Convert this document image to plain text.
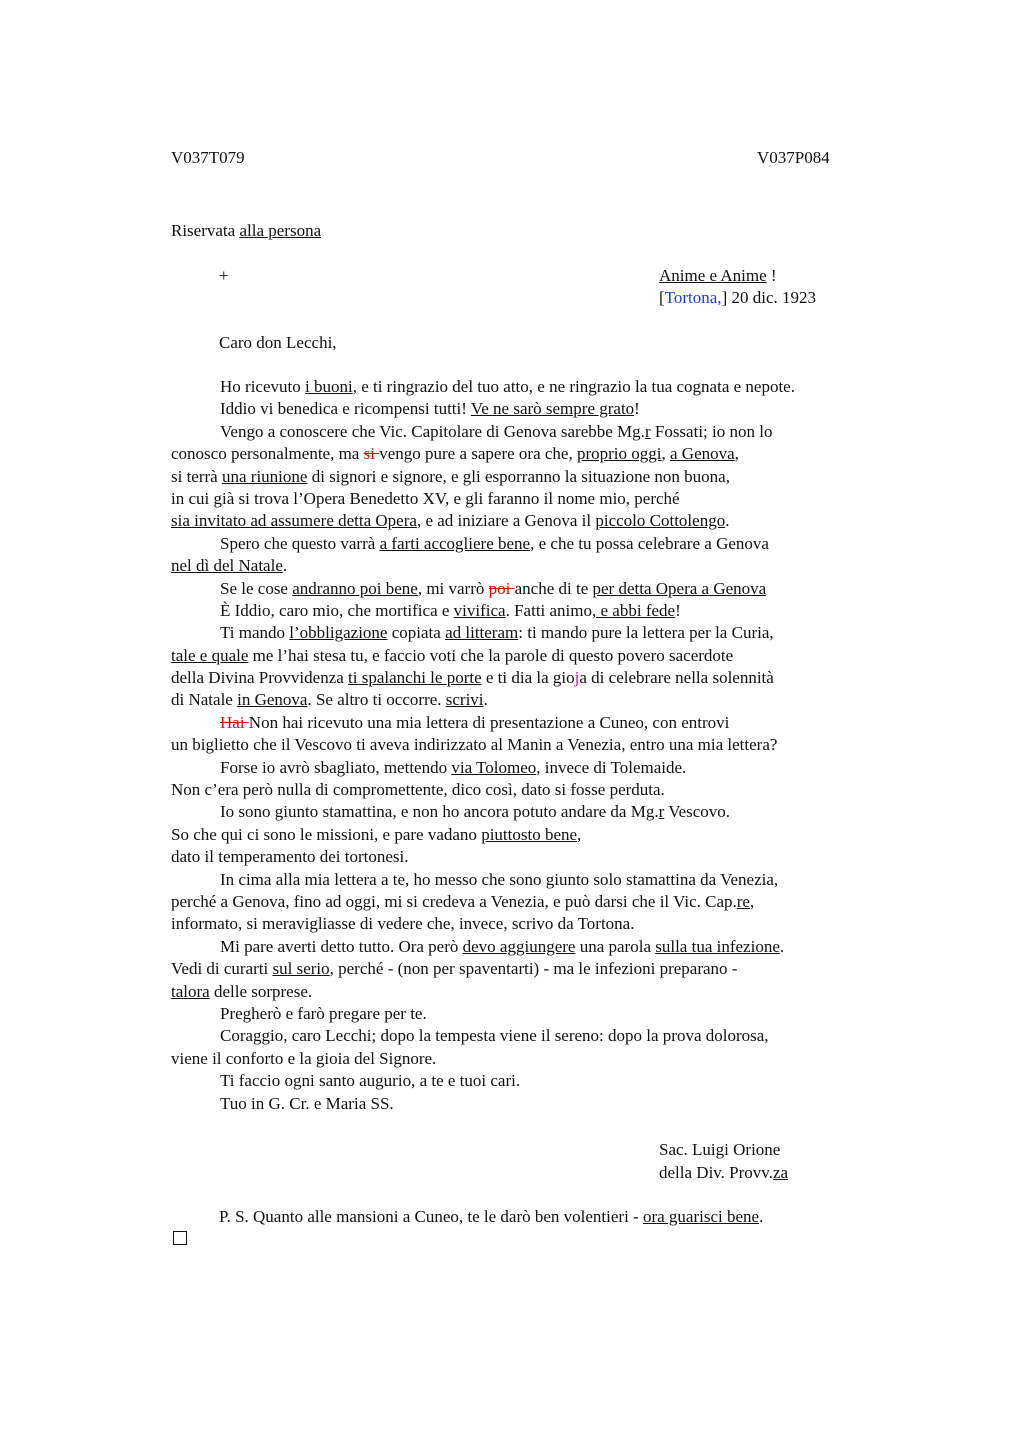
V037T079	V037P084
Riservata alla persona
+	Anime e Anime !
[Tortona,] 20 dic. 1923
Caro don Lecchi,
Ho ricevuto i buoni, e ti ringrazio del tuo atto, e ne ringrazio la tua cognata e nepote.
Iddio vi benedica e ricompensi tutti! Ve ne sarò sempre grato!
Vengo a conoscere che Vic. Capitolare di Genova sarebbe Mg.r Fossati; io non lo
conosco personalmente, ma si vengo pure a sapere ora che, proprio oggi, a Genova,
si terrà una riunione di signori e signore, e gli esporranno la situazione non buona,
in cui già si trova l’Opera Benedetto XV, e gli faranno il nome mio, perché
sia invitato ad assumere detta Opera, e ad iniziare a Genova il piccolo Cottolengo.
Spero che questo varrà a farti accogliere bene, e che tu possa celebrare a Genova
nel dì del Natale.
Se le cose andranno poi bene, mi varrò poi anche di te per detta Opera a Genova
È Iddio, caro mio, che mortifica e vivifica. Fatti animo, e abbi fede!
Ti mando l’obbligazione copiata ad litteram: ti mando pure la lettera per la Curia,
tale e quale me l’hai stesa tu, e faccio voti che la parole di questo povero sacerdote
della Divina Provvidenza ti spalanchi le porte e ti dia la gioja di celebrare nella solennità
di Natale in Genova. Se altro ti occorre. scrivi.
Hai Non hai ricevuto una mia lettera di presentazione a Cuneo, con entrovi
un biglietto che il Vescovo ti aveva indirizzato al Manin a Venezia, entro una mia lettera?
Forse io avrò sbagliato, mettendo via Tolomeo, invece di Tolemaide.
Non c’era però nulla di compromettente, dico così, dato si fosse perduta.
Io sono giunto stamattina, e non ho ancora potuto andare da Mg.r Vescovo.
So che qui ci sono le missioni, e pare vadano piuttosto bene,
dato il temperamento dei tortonesi.
In cima alla mia lettera a te, ho messo che sono giunto solo stamattina da Venezia,
perché a Genova, fino ad oggi, mi si credeva a Venezia, e può darsi che il Vic. Cap.re,
informato, si meravigliasse di vedere che, invece, scrivo da Tortona.
Mi pare averti detto tutto. Ora però devo aggiungere una parola sulla tua infezione.
Vedi di curarti sul serio, perché - (non per spaventarti) - ma le infezioni preparano -
talora delle sorprese.
Pregherò e farò pregare per te.
Coraggio, caro Lecchi; dopo la tempesta viene il sereno: dopo la prova dolorosa,
viene il conforto e la gioia del Signore.
Ti faccio ogni santo augurio, a te e tuoi cari.
Tuo in G. Cr. e Maria SS.
Sac. Luigi Orione
della Div. Provv.za
P. S. Quanto alle mansioni a Cuneo, te le darò ben volentieri - ora guarisci bene.
